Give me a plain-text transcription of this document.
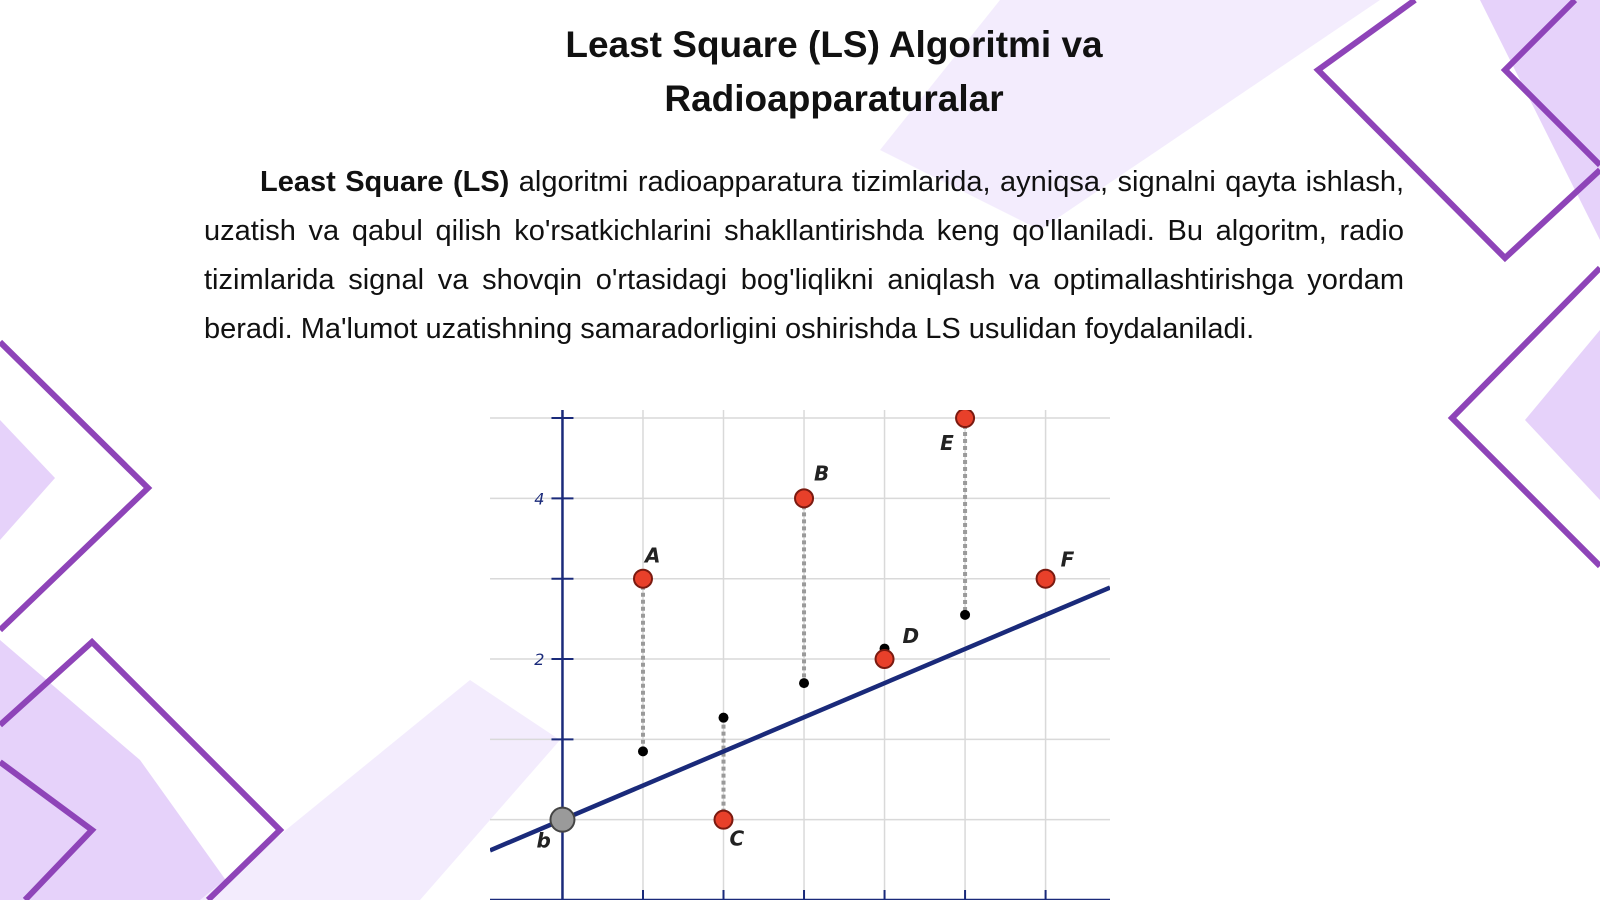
Least Square (LS) Algoritmi va
Radioapparaturalar

Least Square (LS) algoritmi radioapparatura tizimlarida, ayniqsa, signalni qayta ishlash, uzatish va qabul qilish ko'rsatkichlarini shakllantirishda keng qo'llaniladi. Bu algoritm, radio tizimlarida signal va shovqin o'rtasidagi bog'liqlikni aniqlash va optimallashtirishga yordam beradi. Ma'lumot uzatishning samaradorligini oshirishda LS usulidan foydalaniladi.

2
4
b
A
B
C
D
E
F
